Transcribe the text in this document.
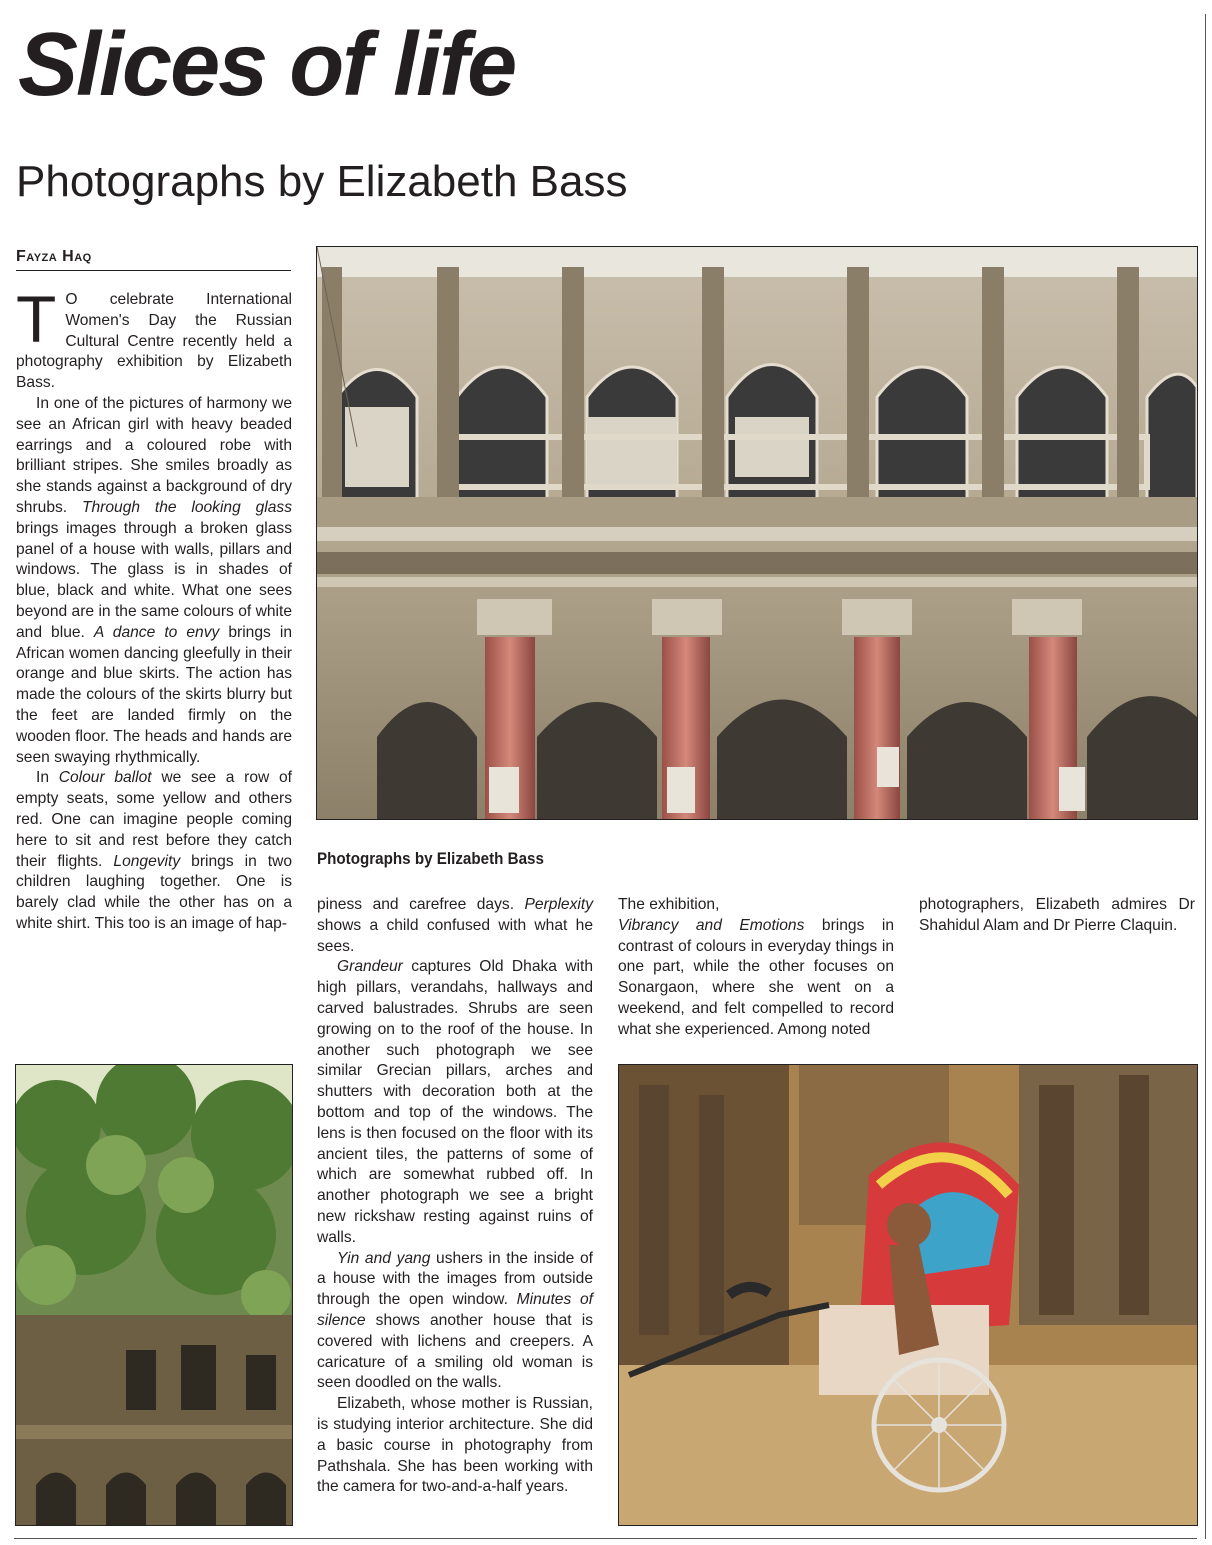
Slices of life
Photographs by Elizabeth Bass
Fayza Haq

T O celebrate International Women's Day the Russian Cultural Centre recently held a photography exhibition by Elizabeth Bass.

In one of the pictures of harmony we see an African girl with heavy beaded earrings and a coloured robe with brilliant stripes. She smiles broadly as she stands against a background of dry shrubs. Through the looking glass brings images through a broken glass panel of a house with walls, pillars and windows. The glass is in shades of blue, black and white. What one sees beyond are in the same colours of white and blue. A dance to envy brings in African women dancing gleefully in their orange and blue skirts. The action has made the colours of the skirts blurry but the feet are landed firmly on the wooden floor. The heads and hands are seen swaying rhythmically.

In Colour ballot we see a row of empty seats, some yellow and others red. One can imagine people coming here to sit and rest before they catch their flights. Longevity brings in two children laughing together. One is barely clad while the other has on a white shirt. This too is an image of hap-

piness and carefree days. Perplexity shows a child confused with what he sees.

Grandeur captures Old Dhaka with high pillars, verandahs, hallways and carved balustrades. Shrubs are seen growing on to the roof of the house. In another such photograph we see similar Grecian pillars, arches and shutters with decoration both at the bottom and top of the windows. The lens is then focused on the floor with its ancient tiles, the patterns of some of which are somewhat rubbed off. In another photograph we see a bright new rickshaw resting against ruins of walls.

Yin and yang ushers in the inside of a house with the images from outside through the open window. Minutes of silence shows another house that is covered with lichens and creepers. A caricature of a smiling old woman is seen doodled on the walls.

Elizabeth, whose mother is Russian, is studying interior architecture. She did a basic course in photography from Pathshala. She has been working with the camera for two-and-a-half years.

The exhibition,

Vibrancy and Emotions brings in contrast of colours in everyday things in one part, while the other focuses on Sonargaon, where she went on a weekend, and felt compelled to record what she experienced. Among noted

photographers, Elizabeth admires Dr Shahidul Alam and Dr Pierre Claquin.

Photographs by Elizabeth Bass
